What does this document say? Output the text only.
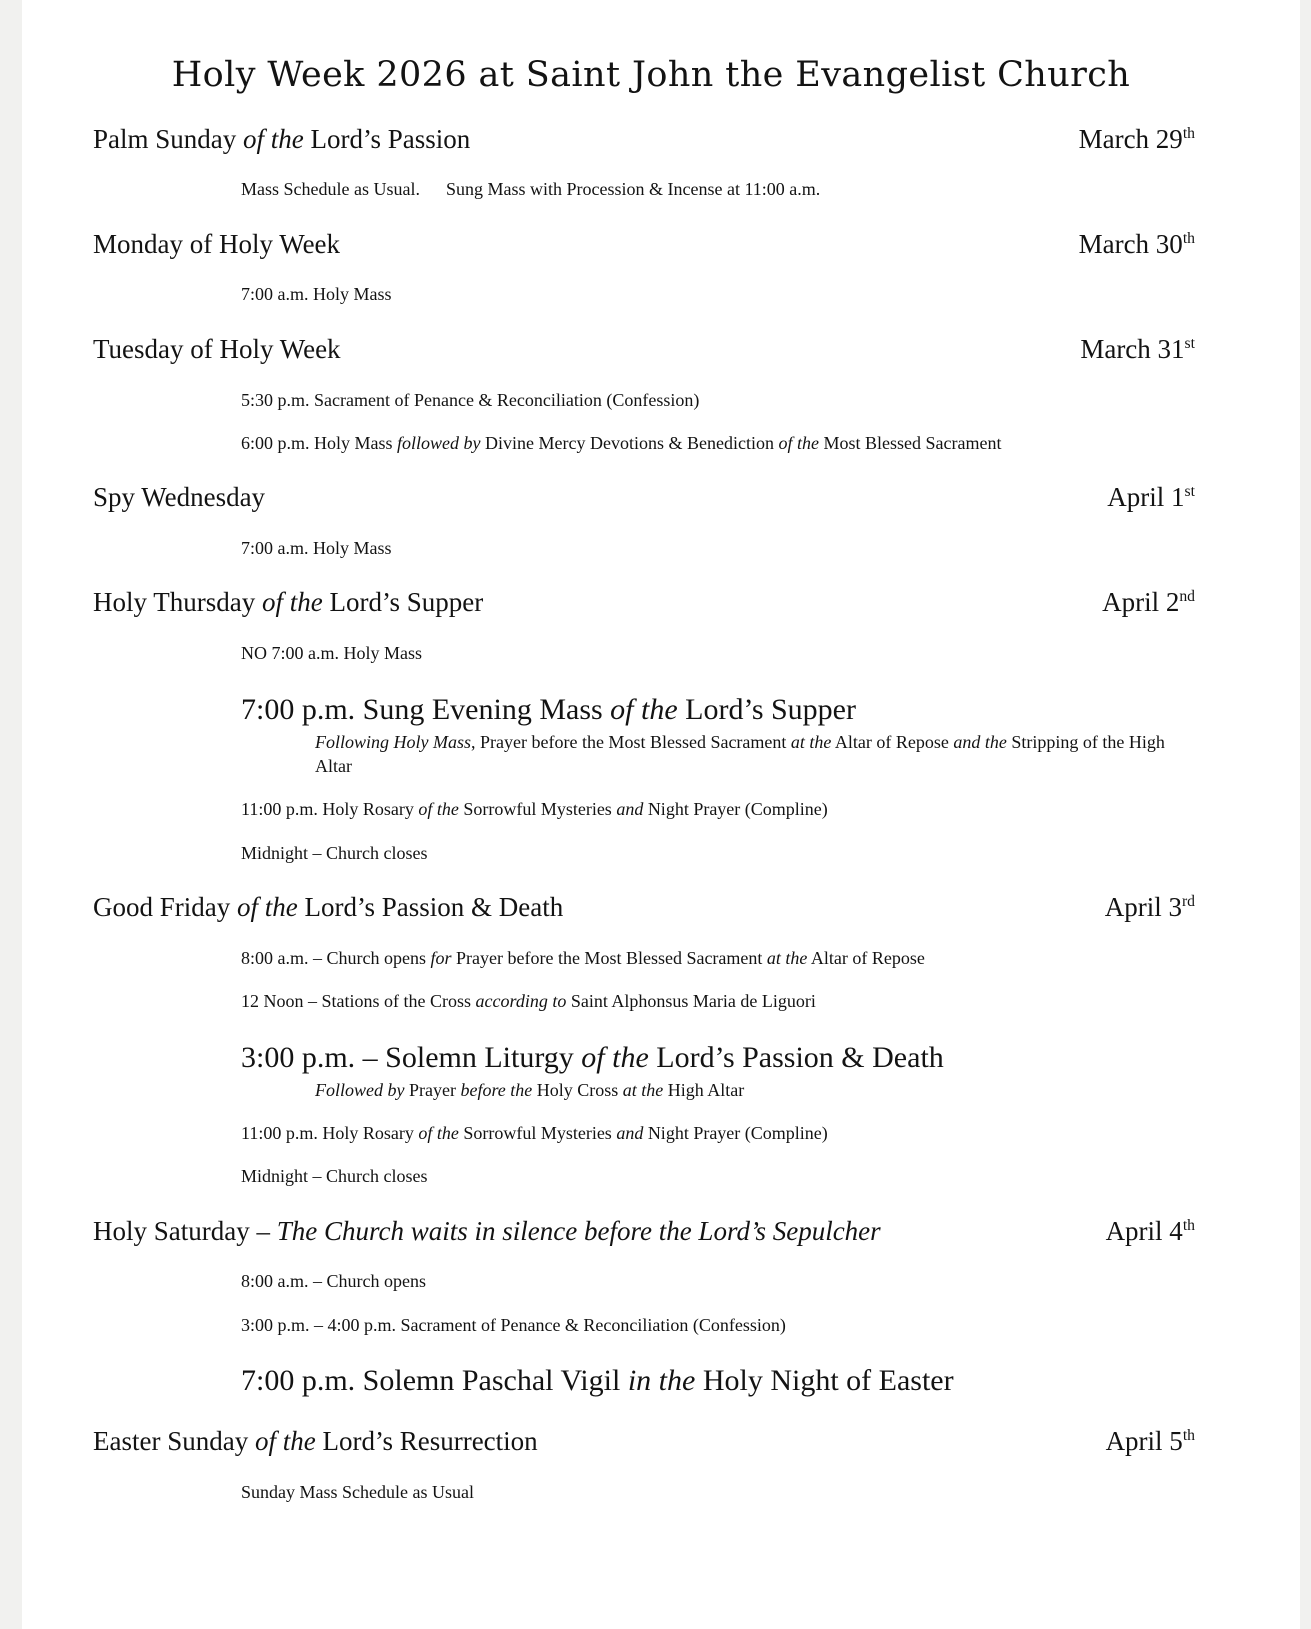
Holy Week 2026 at Saint John the Evangelist Church
Palm Sunday of the Lord’s Passion	March 29th
Mass Schedule as Usual. Sung Mass with Procession & Incense at 11:00 a.m.
Monday of Holy Week	March 30th
7:00 a.m. Holy Mass
Tuesday of Holy Week	March 31st
5:30 p.m. Sacrament of Penance & Reconciliation (Confession)
6:00 p.m. Holy Mass followed by Divine Mercy Devotions & Benediction of the Most Blessed Sacrament
Spy Wednesday	April 1st
7:00 a.m. Holy Mass
Holy Thursday of the Lord’s Supper	April 2nd
NO 7:00 a.m. Holy Mass
7:00 p.m. Sung Evening Mass of the Lord’s Supper
Following Holy Mass, Prayer before the Most Blessed Sacrament at the Altar of Repose and the Stripping of the High Altar
11:00 p.m. Holy Rosary of the Sorrowful Mysteries and Night Prayer (Compline)
Midnight – Church closes
Good Friday of the Lord’s Passion & Death	April 3rd
8:00 a.m. – Church opens for Prayer before the Most Blessed Sacrament at the Altar of Repose
12 Noon – Stations of the Cross according to Saint Alphonsus Maria de Liguori
3:00 p.m. – Solemn Liturgy of the Lord’s Passion & Death
Followed by Prayer before the Holy Cross at the High Altar
11:00 p.m. Holy Rosary of the Sorrowful Mysteries and Night Prayer (Compline)
Midnight – Church closes
Holy Saturday – The Church waits in silence before the Lord’s Sepulcher	April 4th
8:00 a.m. – Church opens
3:00 p.m. – 4:00 p.m. Sacrament of Penance & Reconciliation (Confession)
7:00 p.m. Solemn Paschal Vigil in the Holy Night of Easter
Easter Sunday of the Lord’s Resurrection	April 5th
Sunday Mass Schedule as Usual
